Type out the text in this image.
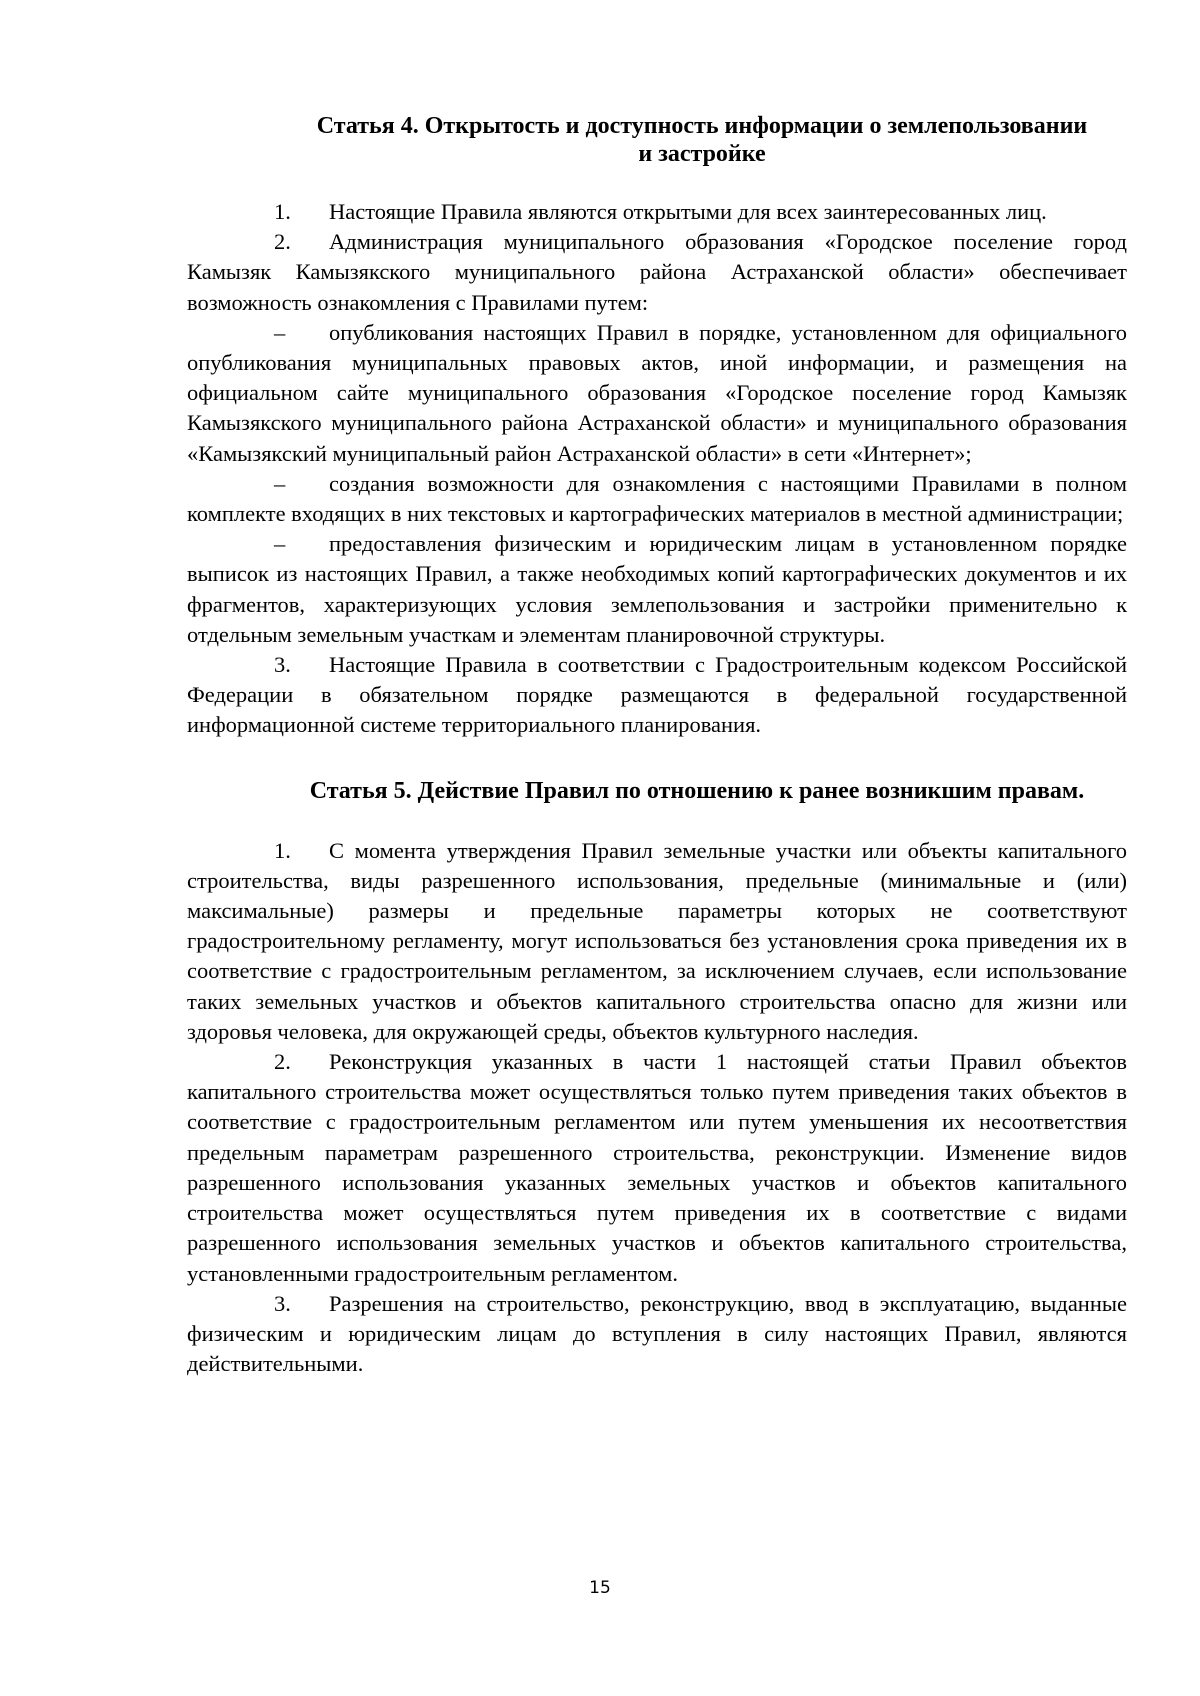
Статья 4. Открытость и доступность информации о землепользовании
и застройке

1. Настоящие Правила являются открытыми для всех заинтересованных лиц.

2. Администрация муниципального образования «Городское поселение город Камызяк Камызякского муниципального района Астраханской области» обеспечивает возможность ознакомления с Правилами путем:

– опубликования настоящих Правил в порядке, установленном для официального опубликования муниципальных правовых актов, иной информации, и размещения на официальном сайте муниципального образования «Городское поселение город Камызяк Камызякского муниципального района Астраханской области» и муниципального образования «Камызякский муниципальный район Астраханской области» в сети «Интернет»;

– создания возможности для ознакомления с настоящими Правилами в полном комплекте входящих в них текстовых и картографических материалов в местной администрации;

– предоставления физическим и юридическим лицам в установленном порядке выписок из настоящих Правил, а также необходимых копий картографических документов и их фрагментов, характеризующих условия землепользования и застройки применительно к отдельным земельным участкам и элементам планировочной структуры.

3. Настоящие Правила в соответствии с Градостроительным кодексом Российской Федерации в обязательном порядке размещаются в федеральной государственной информационной системе территориального планирования.

Статья 5. Действие Правил по отношению к ранее возникшим правам.

1. С момента утверждения Правил земельные участки или объекты капитального строительства, виды разрешенного использования, предельные (минимальные и (или) максимальные) размеры и предельные параметры которых не соответствуют градостроительному регламенту, могут использоваться без установления срока приведения их в соответствие с градостроительным регламентом, за исключением случаев, если использование таких земельных участков и объектов капитального строительства опасно для жизни или здоровья человека, для окружающей среды, объектов культурного наследия.

2. Реконструкция указанных в части 1 настоящей статьи Правил объектов капитального строительства может осуществляться только путем приведения таких объектов в соответствие с градостроительным регламентом или путем уменьшения их несоответствия предельным параметрам разрешенного строительства, реконструкции. Изменение видов разрешенного использования указанных земельных участков и объектов капитального строительства может осуществляться путем приведения их в соответствие с видами разрешенного использования земельных участков и объектов капитального строительства, установленными градостроительным регламентом.

3. Разрешения на строительство, реконструкцию, ввод в эксплуатацию, выданные физическим и юридическим лицам до вступления в силу настоящих Правил, являются действительными.

15
